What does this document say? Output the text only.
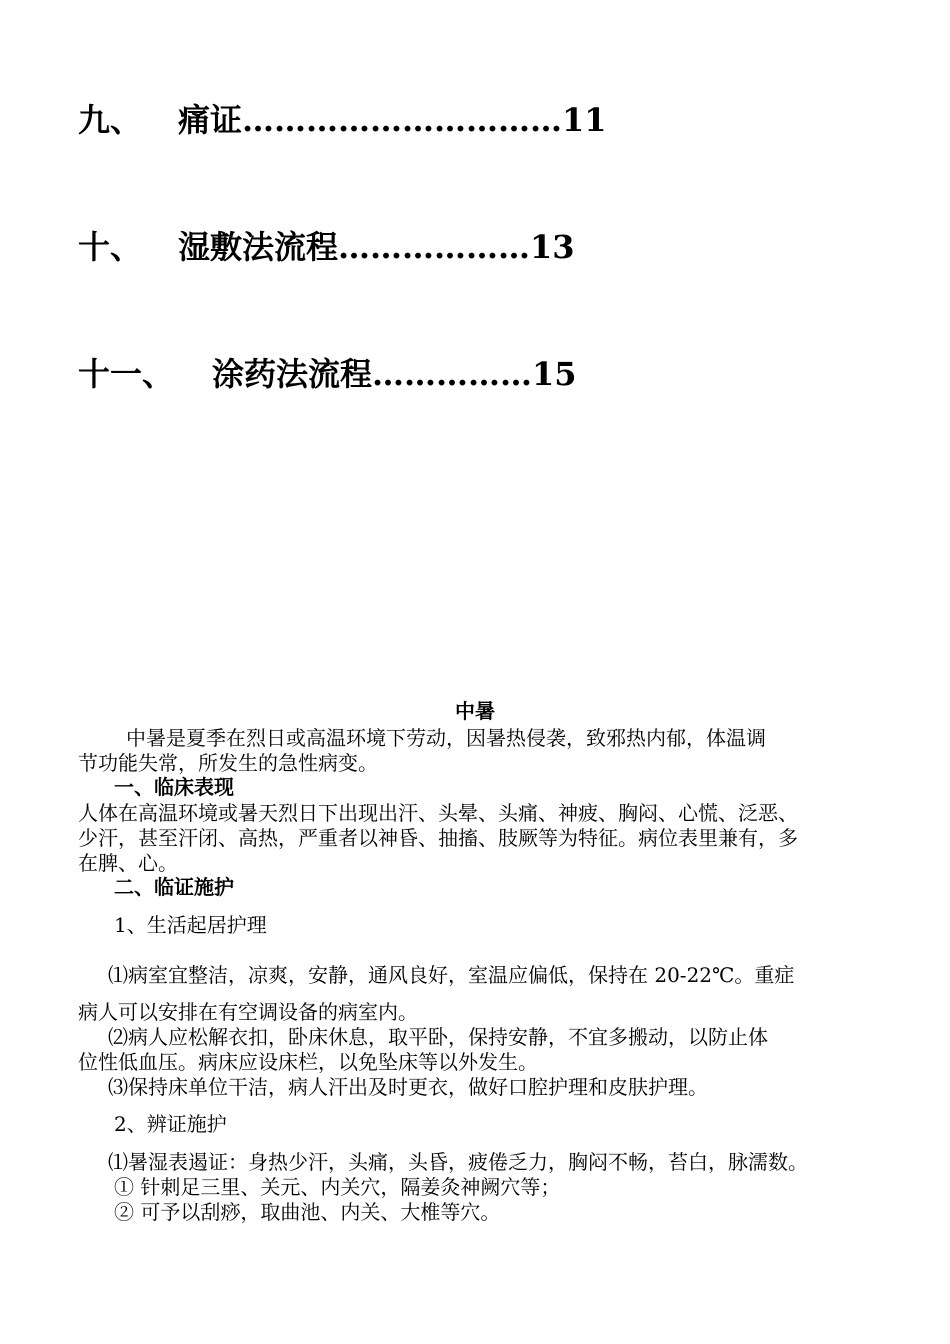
九、 痛证…………………………11
十、 湿敷法流程………………13
十一、 涂药法流程……………15
中暑
中暑是夏季在烈日或高温环境下劳动，因暑热侵袭，致邪热内郁，体温调
节功能失常，所发生的急性病变。
一、临床表现
人体在高温环境或暑天烈日下出现出汗、头晕、头痛、神疲、胸闷、心慌、泛恶、
少汗，甚至汗闭、高热，严重者以神昏、抽搐、肢厥等为特征。病位表里兼有，多
在脾、心。
二、临证施护
1、生活起居护理
⑴病室宜整洁，凉爽，安静，通风良好，室温应偏低，保持在 20-22℃。重症
病人可以安排在有空调设备的病室内。
⑵病人应松解衣扣，卧床休息，取平卧，保持安静，不宜多搬动，以防止体
位性低血压。病床应设床栏，以免坠床等以外发生。
⑶保持床单位干洁，病人汗出及时更衣，做好口腔护理和皮肤护理。
2、辨证施护
⑴暑湿表遏证：身热少汗，头痛，头昏，疲倦乏力，胸闷不畅，苔白，脉濡数。
① 针刺足三里、关元、内关穴，隔姜灸神阙穴等；
② 可予以刮痧，取曲池、内关、大椎等穴。
